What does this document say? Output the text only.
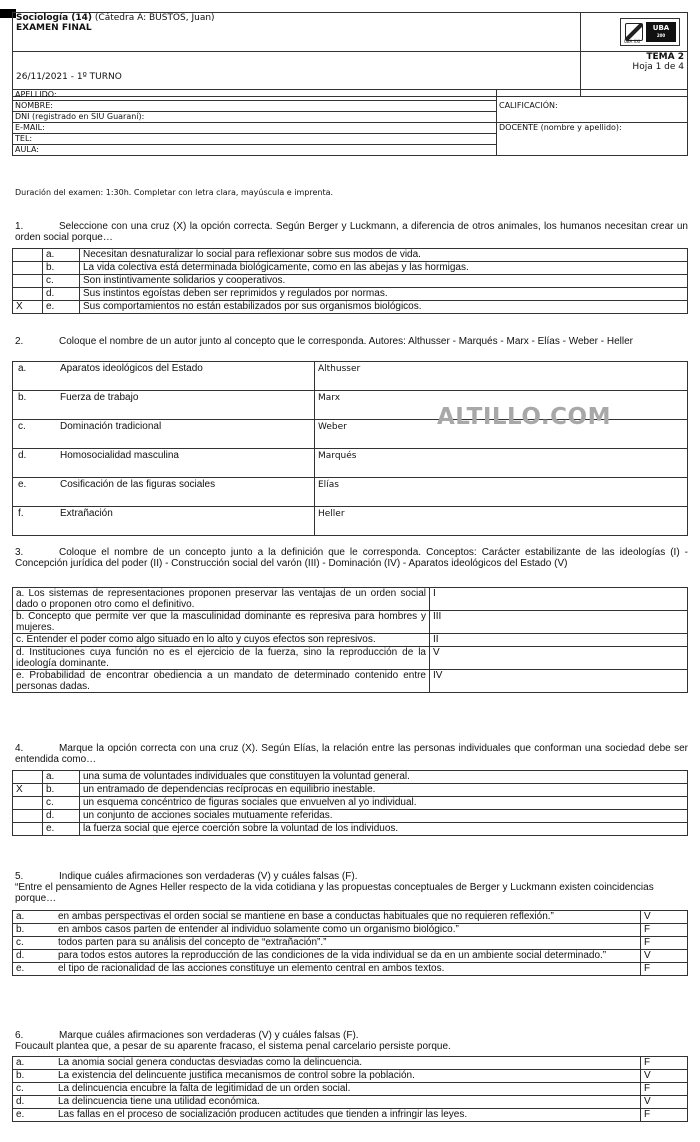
Sociología (14) (Cátedra A: BUSTOS, Juan)
EXAMEN FINAL	UBA
200
UBA XXI

26/11/2021 - 1º TURNO	TEMA 2
Hoja 1 de 4
APELLIDO:	CALIFICACIÓN:
NOMBRE:	
DNI (registrado en SIU Guaraní):	
E-MAIL:	DOCENTE (nombre y apellido):
TEL:	
AULA:	
Duración del examen: 1:30h. Completar con letra clara, mayúscula e imprenta.
1.	Seleccione con una cruz (X) la opción correcta. Según Berger y Luckmann, a diferencia de otros animales, los humanos necesitan crear un orden social porque…
	a.	Necesitan desnaturalizar lo social para reflexionar sobre sus modos de vida.
	b.	La vida colectiva está determinada biológicamente, como en las abejas y las hormigas.
	c.	Son instintivamente solidarios y cooperativos.
	d.	Sus instintos egoístas deben ser reprimidos y regulados por normas.
X	e.	Sus comportamientos no están estabilizados por sus organismos biológicos.
2.	Coloque el nombre de un autor junto al concepto que le corresponda. Autores: Althusser - Marqués - Marx - Elías - Weber - Heller
a. Aparatos ideológicos del Estado	Althusser
b. Fuerza de trabajo	Marx
c. Dominación tradicional	Weber
d. Homosocialidad masculina	Marqués
e. Cosificación de las figuras sociales	Elías
f. Extrañación	Heller
ALTILLO.COM
3.	Coloque el nombre de un concepto junto a la definición que le corresponda. Conceptos: Carácter estabilizante de las ideologías (I) - Concepción jurídica del poder (II) - Construcción social del varón (III) - Dominación (IV) - Aparatos ideológicos del Estado (V)
a. Los sistemas de representaciones proponen preservar las ventajas de un orden social dado o proponen otro como el definitivo.	I
b. Concepto que permite ver que la masculinidad dominante es represiva para hombres y mujeres.	III
c. Entender el poder como algo situado en lo alto y cuyos efectos son represivos.	II
d. Instituciones cuya función no es el ejercicio de la fuerza, sino la reproducción de la ideología dominante.	V
e. Probabilidad de encontrar obediencia a un mandato de determinado contenido entre personas dadas.	IV
4.	Marque la opción correcta con una cruz (X). Según Elías, la relación entre las personas individuales que conforman una sociedad debe ser entendida como…
	a.	una suma de voluntades individuales que constituyen la voluntad general.
X	b.	un entramado de dependencias recíprocas en equilibrio inestable.
	c.	un esquema concéntrico de figuras sociales que envuelven al yo individual.
	d.	un conjunto de acciones sociales mutuamente referidas.
	e.	la fuerza social que ejerce coerción sobre la voluntad de los individuos.
5.	Indique cuáles afirmaciones son verdaderas (V) y cuáles falsas (F).

“Entre el pensamiento de Agnes Heller respecto de la vida cotidiana y las propuestas conceptuales de Berger y Luckmann existen coincidencias porque…
a. en ambas perspectivas el orden social se mantiene en base a conductas habituales que no requieren reflexión.”	V
b. en ambos casos parten de entender al individuo solamente como un organismo biológico.”	F
c. todos parten para su análisis del concepto de “extrañación”.”	F
d. para todos estos autores la reproducción de las condiciones de la vida individual se da en un ambiente social determinado.”	V
e. el tipo de racionalidad de las acciones constituye un elemento central en ambos textos.	F
6.	Marque cuáles afirmaciones son verdaderas (V) y cuáles falsas (F).
Foucault plantea que, a pesar de su aparente fracaso, el sistema penal carcelario persiste porque.
a. La anomia social genera conductas desviadas como la delincuencia.	F
b. La existencia del delincuente justifica mecanismos de control sobre la población.	V
c. La delincuencia encubre la falta de legitimidad de un orden social.	F
d. La delincuencia tiene una utilidad económica.	V
e. Las fallas en el proceso de socialización producen actitudes que tienden a infringir las leyes.	F
